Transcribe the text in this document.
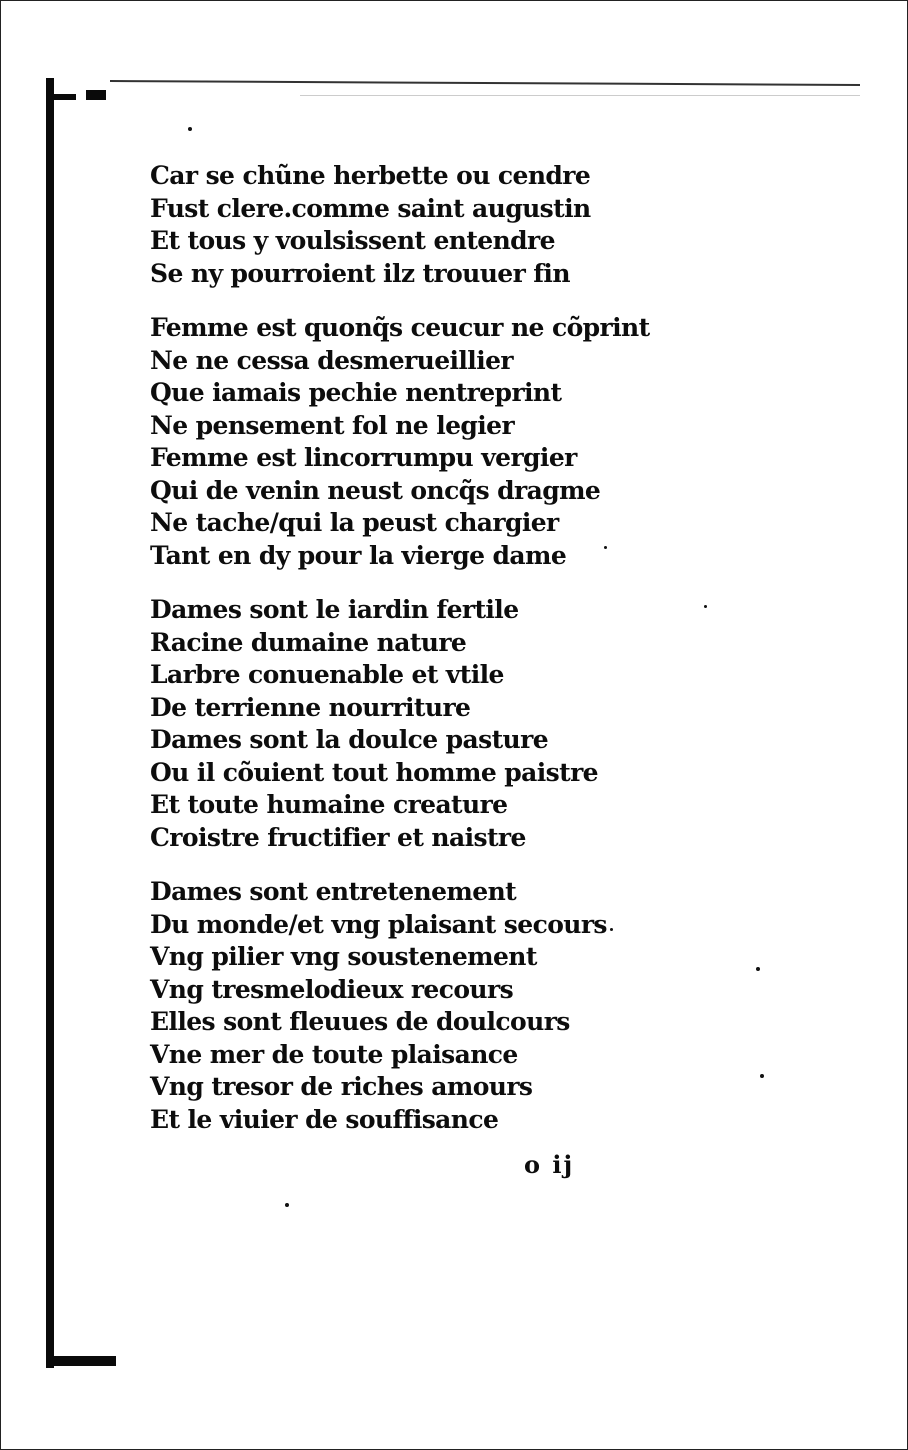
Car se chũne herbette ou cendre
Fust clere.comme saint augustin
Et tous y voulsissent entendre
Se ny pourroient ilz trouuer fin
Femme est quonq̃s ceucur ne cõprint
Ne ne cessa desmerueillier
Que iamais pechie nentreprint
Ne pensement fol ne legier
Femme est lincorrumpu vergier
Qui de venin neust oncq̃s dragme
Ne tache/qui la peust chargier
Tant en dy pour la vierge dame
Dames sont le iardin fertile
Racine dumaine nature
Larbre conuenable et vtile
De terrienne nourriture
Dames sont la doulce pasture
Ou il cõuient tout homme paistre
Et toute humaine creature
Croistre fructifier et naistre
Dames sont entretenement
Du monde/et vng plaisant secours
Vng pilier vng soustenement
Vng tresmelodieux recours
Elles sont fleuues de doulcours
Vne mer de toute plaisance
Vng tresor de riches amours
Et le viuier de souffisance
o ij
